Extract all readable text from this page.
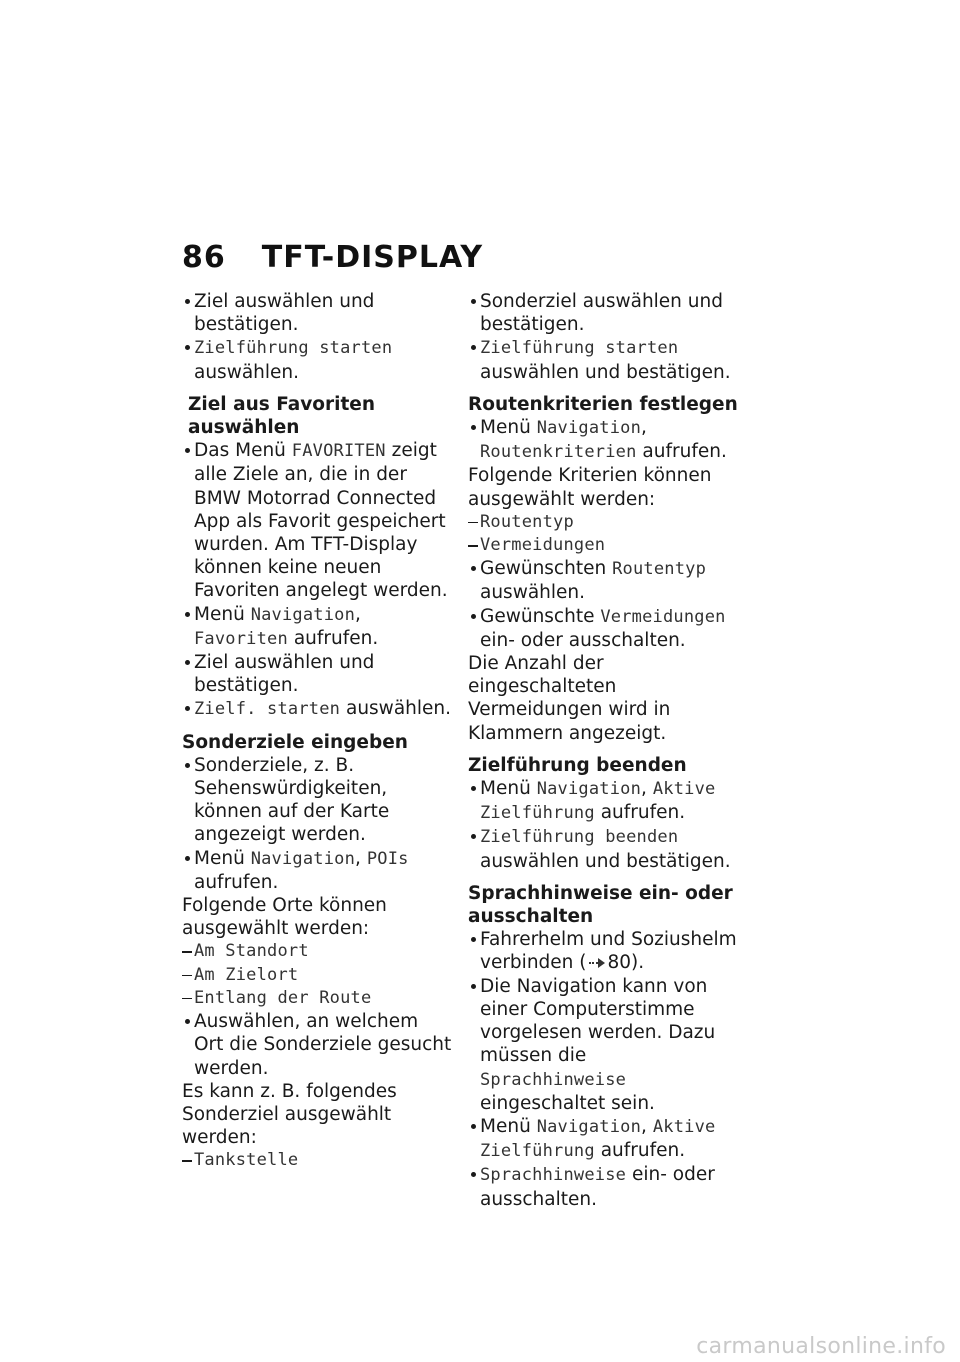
86 TFT-DISPLAY
Ziel auswählen und bestätigen.
Zielführung starten auswählen.
Ziel aus Favoriten auswählen
Das Menü FAVORITEN zeigt alle Ziele an, die in der BMW Motorrad Connected App als Favorit gespeichert wurden. Am TFT-Display können keine neuen Favoriten angelegt werden.
Menü Navigation, Favoriten aufrufen.
Ziel auswählen und bestätigen.
Zielf. starten auswählen.
Sonderziele eingeben
Sonderziele, z. B. Sehenswürdigkeiten, können auf der Karte angezeigt werden.
Menü Navigation, POIs aufrufen.
Folgende Orte können ausgewählt werden:
Am Standort
Am Zielort
Entlang der Route
Auswählen, an welchem Ort die Sonderziele gesucht werden.
Es kann z. B. folgendes Sonderziel ausgewählt werden:
Tankstelle
Sonderziel auswählen und bestätigen.
Zielführung starten auswählen und bestätigen.
Routenkriterien festlegen
Menü Navigation, Routenkriterien aufrufen.
Folgende Kriterien können ausgewählt werden:
Routentyp
Vermeidungen
Gewünschten Routentyp auswählen.
Gewünschte Vermeidungen ein- oder ausschalten.
Die Anzahl der eingeschalteten Vermeidungen wird in Klammern angezeigt.
Zielführung beenden
Menü Navigation, Aktive Zielführung aufrufen.
Zielführung beenden auswählen und bestätigen.
Sprachhinweise ein- oder ausschalten
Fahrerhelm und Soziushelm verbinden ( 80).
Die Navigation kann von einer Computerstimme vorgelesen werden. Dazu müssen die Sprachhinweise eingeschaltet sein.
Menü Navigation, Aktive Zielführung aufrufen.
Sprachhinweise ein- oder ausschalten.
carmanualsonline.info
